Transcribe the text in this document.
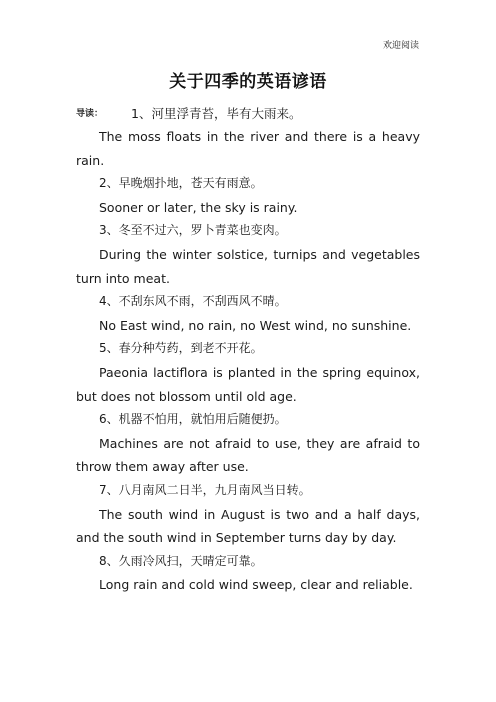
欢迎阅读
关于四季的英语谚语
导读： 1、河里浮青苔，毕有大雨来。

The moss floats in the river and there is a heavy rain.

2、早晚烟扑地，苍天有雨意。

Sooner or later, the sky is rainy.

3、冬至不过六，罗卜青菜也变肉。

During the winter solstice, turnips and vegetables turn into meat.

4、不刮东风不雨，不刮西风不晴。

No East wind, no rain, no West wind, no sunshine.

5、春分种芍药，到老不开花。

Paeonia lactiflora is planted in the spring equinox, but does not blossom until old age.

6、机器不怕用，就怕用后随便扔。

Machines are not afraid to use, they are afraid to throw them away after use.

7、八月南风二日半，九月南风当日转。

The south wind in August is two and a half days, and the south wind in September turns day by day.

8、久雨冷风扫，天晴定可靠。

Long rain and cold wind sweep, clear and reliable.
